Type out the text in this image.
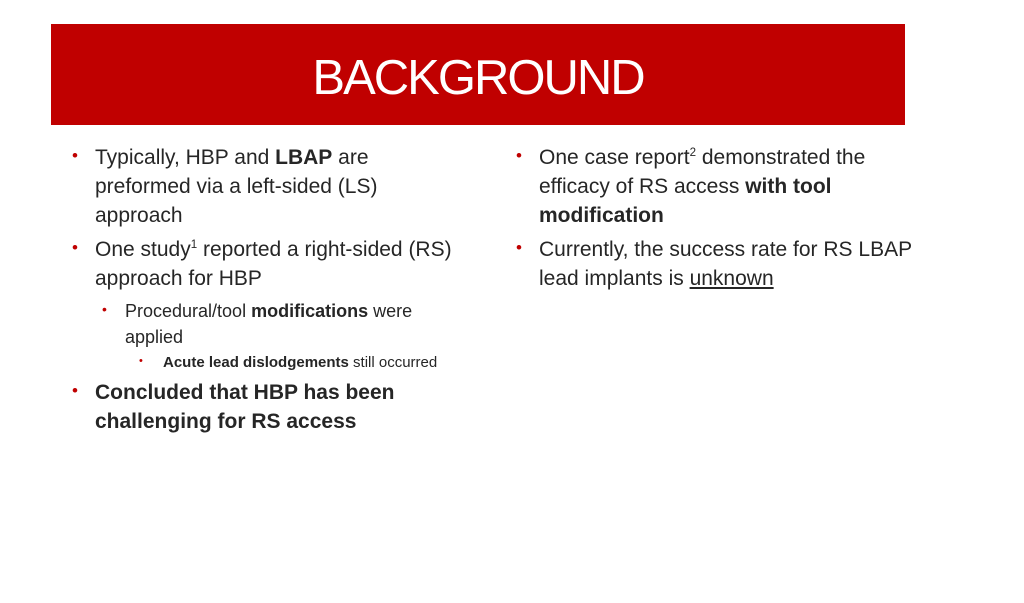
BACKGROUND

• Typically, HBP and LBAP are preformed via a left-sided (LS) approach

• One study$^1$ reported a right-sided (RS) approach for HBP

• Procedural/tool modifications were applied

• Acute lead dislodgements still occurred

• Concluded that HBP has been challenging for RS access

• One case report$^2$ demonstrated the efficacy of RS access with tool modification

• Currently, the success rate for RS LBAP lead implants is unknown
